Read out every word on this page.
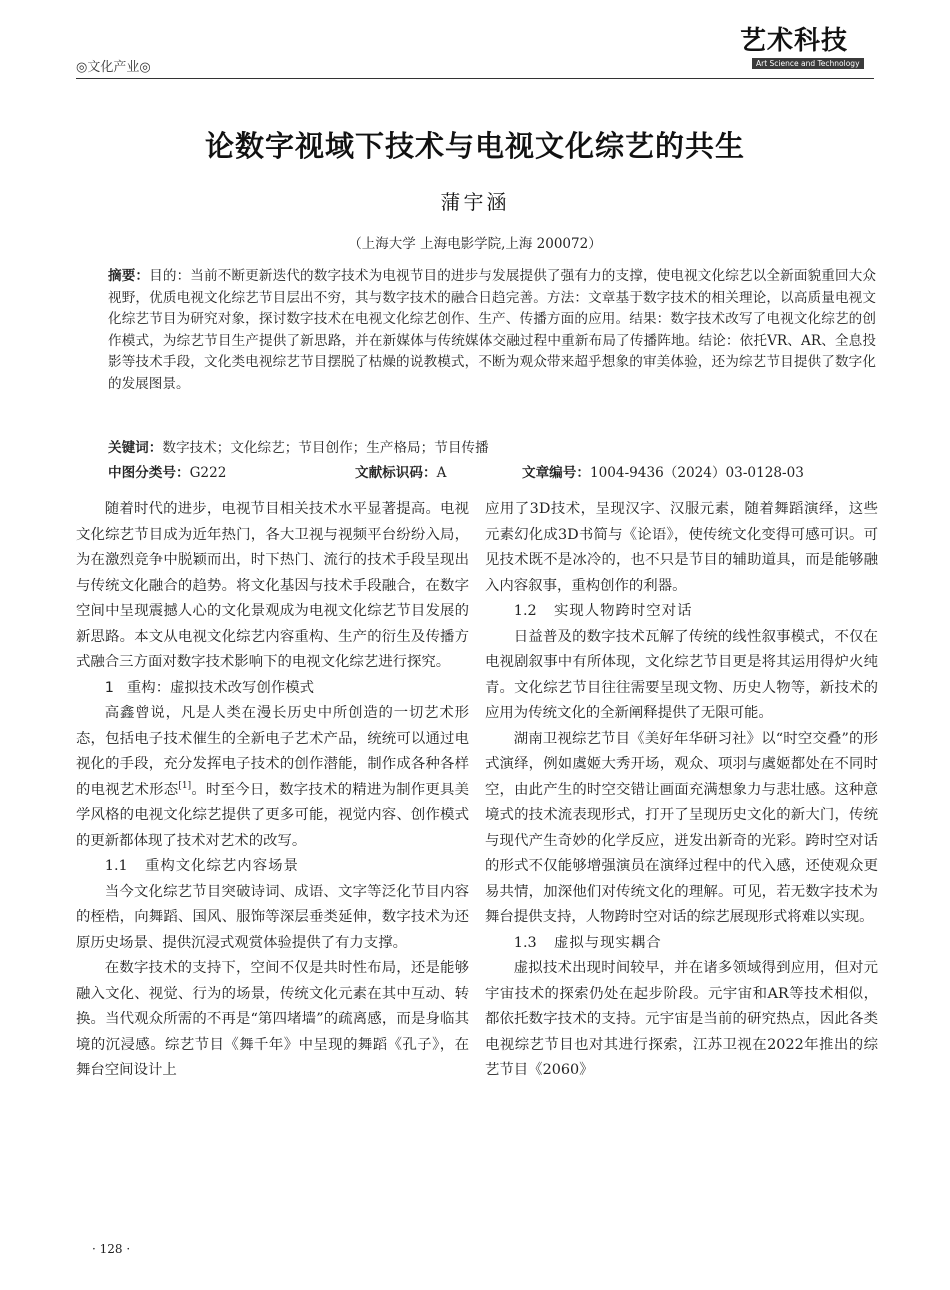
◎文化产业◎
艺术科技
Art Science and Technology
论数字视域下技术与电视文化综艺的共生
蒲宇涵
（上海大学 上海电影学院,上海 200072）
摘要：目的：当前不断更新迭代的数字技术为电视节目的进步与发展提供了强有力的支撑，使电视文化综艺以全新面貌重回大众视野，优质电视文化综艺节目层出不穷，其与数字技术的融合日趋完善。方法：文章基于数字技术的相关理论，以高质量电视文化综艺节目为研究对象，探讨数字技术在电视文化综艺创作、生产、传播方面的应用。结果：数字技术改写了电视文化综艺的创作模式，为综艺节目生产提供了新思路，并在新媒体与传统媒体交融过程中重新布局了传播阵地。结论：依托VR、AR、全息投影等技术手段，文化类电视综艺节目摆脱了枯燥的说教模式，不断为观众带来超乎想象的审美体验，还为综艺节目提供了数字化的发展图景。
关键词：数字技术；文化综艺；节目创作；生产格局；节目传播
中图分类号：G222	文献标识码：A	文章编号：1004-9436（2024）03-0128-03

随着时代的进步，电视节目相关技术水平显著提高。电视文化综艺节目成为近年热门，各大卫视与视频平台纷纷入局，为在激烈竞争中脱颖而出，时下热门、流行的技术手段呈现出与传统文化融合的趋势。将文化基因与技术手段融合，在数字空间中呈现震撼人心的文化景观成为电视文化综艺节目发展的新思路。本文从电视文化综艺内容重构、生产的衍生及传播方式融合三方面对数字技术影响下的电视文化综艺进行探究。

1 重构：虚拟技术改写创作模式

高鑫曾说，凡是人类在漫长历史中所创造的一切艺术形态，包括电子技术催生的全新电子艺术产品，统统可以通过电视化的手段，充分发挥电子技术的创作潜能，制作成各种各样的电视艺术形态[1]。时至今日，数字技术的精进为制作更具美学风格的电视文化综艺提供了更多可能，视觉内容、创作模式的更新都体现了技术对艺术的改写。

1.1 重构文化综艺内容场景

当今文化综艺节目突破诗词、成语、文字等泛化节目内容的桎梏，向舞蹈、国风、服饰等深层垂类延伸，数字技术为还原历史场景、提供沉浸式观赏体验提供了有力支撑。

在数字技术的支持下，空间不仅是共时性布局，还是能够融入文化、视觉、行为的场景，传统文化元素在其中互动、转换。当代观众所需的不再是“第四堵墙”的疏离感，而是身临其境的沉浸感。综艺节目《舞千年》中呈现的舞蹈《孔子》，在舞台空间设计上

应用了3D技术，呈现汉字、汉服元素，随着舞蹈演绎，这些元素幻化成3D书简与《论语》，使传统文化变得可感可识。可见技术既不是冰冷的，也不只是节目的辅助道具，而是能够融入内容叙事，重构创作的利器。

1.2 实现人物跨时空对话

日益普及的数字技术瓦解了传统的线性叙事模式，不仅在电视剧叙事中有所体现，文化综艺节目更是将其运用得炉火纯青。文化综艺节目往往需要呈现文物、历史人物等，新技术的应用为传统文化的全新阐释提供了无限可能。

湖南卫视综艺节目《美好年华研习社》以“时空交叠”的形式演绎，例如虞姬大秀开场，观众、项羽与虞姬都处在不同时空，由此产生的时空交错让画面充满想象力与悲壮感。这种意境式的技术流表现形式，打开了呈现历史文化的新大门，传统与现代产生奇妙的化学反应，迸发出新奇的光彩。跨时空对话的形式不仅能够增强演员在演绎过程中的代入感，还使观众更易共情，加深他们对传统文化的理解。可见，若无数字技术为舞台提供支持，人物跨时空对话的综艺展现形式将难以实现。

1.3 虚拟与现实耦合

虚拟技术出现时间较早，并在诸多领域得到应用，但对元宇宙技术的探索仍处在起步阶段。元宇宙和AR等技术相似，都依托数字技术的支持。元宇宙是当前的研究热点，因此各类电视综艺节目也对其进行探索，江苏卫视在2022年推出的综艺节目《2060》

· 128 ·
